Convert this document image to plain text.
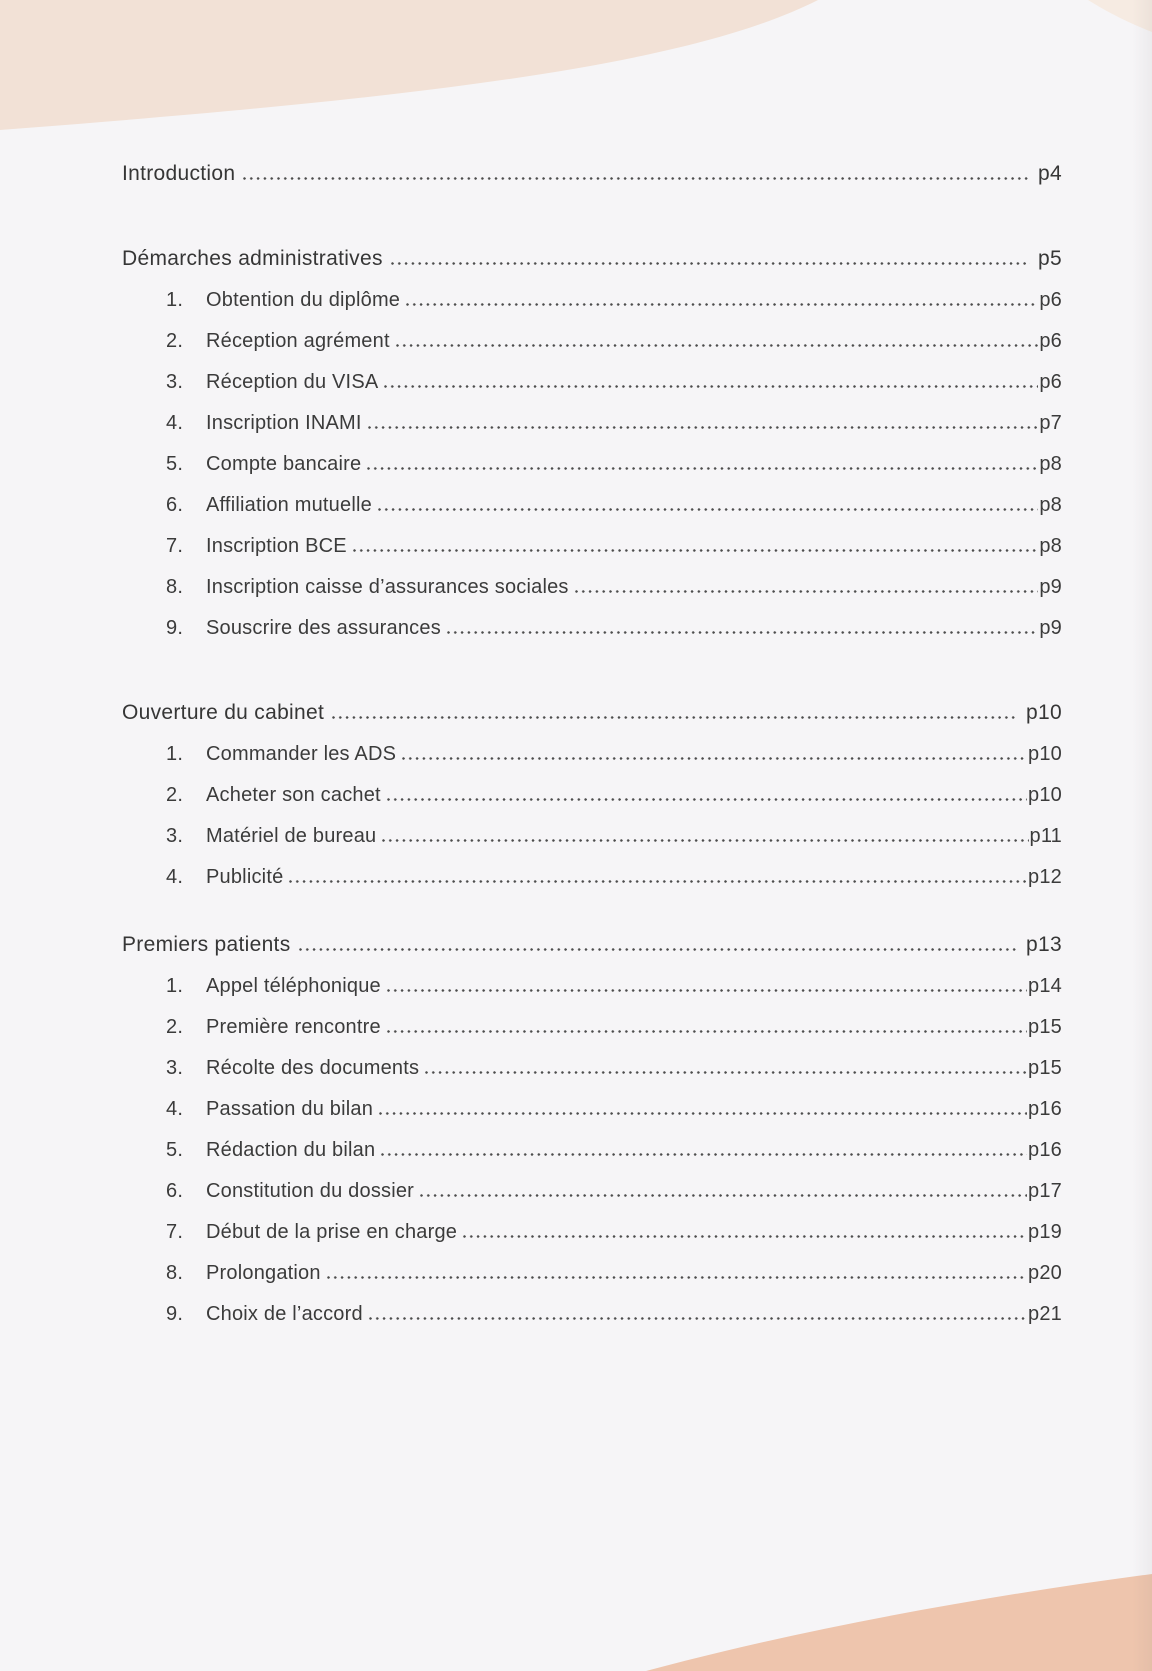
Introduction	p4
Démarches administratives	p5
1.	Obtention du diplôme	p6
2.	Réception agrément	p6
3.	Réception du VISA	p6
4.	Inscription INAMI	p7
5.	Compte bancaire	p8
6.	Affiliation mutuelle	p8
7.	Inscription BCE	p8
8.	Inscription caisse d’assurances sociales	p9
9.	Souscrire des assurances	p9
Ouverture du cabinet	p10
1.	Commander les ADS	p10
2.	Acheter son cachet	p10
3.	Matériel de bureau	p11
4.	Publicité	p12
Premiers patients	p13
1.	Appel téléphonique	p14
2.	Première rencontre	p15
3.	Récolte des documents	p15
4.	Passation du bilan	p16
5.	Rédaction du bilan	p16
6.	Constitution du dossier	p17
7.	Début de la prise en charge	p19
8.	Prolongation	p20
9.	Choix de l’accord	p21
